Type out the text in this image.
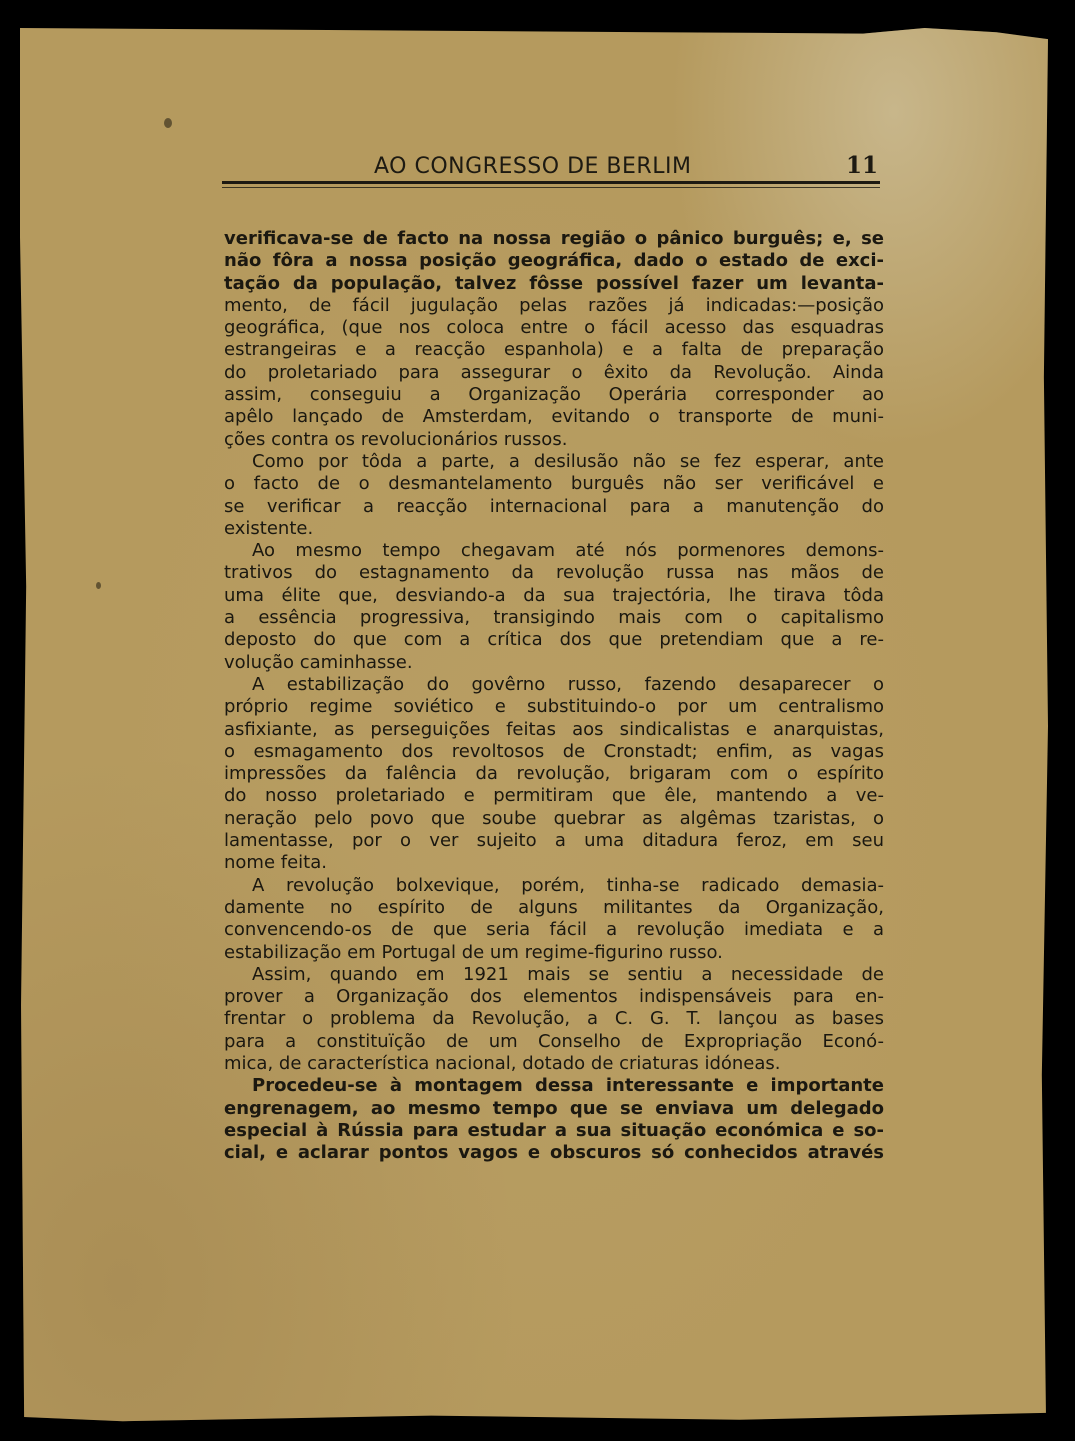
AO CONGRESSO DE BERLIM	11
verificava-se de facto na nossa região o pânico burguês; e, se
não fôra a nossa posição geográfica, dado o estado de exci-
tação da população, talvez fôsse possível fazer um levanta-
mento, de fácil jugulação pelas razões já indicadas:—posição
geográfica, (que nos coloca entre o fácil acesso das esquadras
estrangeiras e a reacção espanhola) e a falta de preparação
do proletariado para assegurar o êxito da Revolução. Ainda
assim, conseguiu a Organização Operária corresponder ao
apêlo lançado de Amsterdam, evitando o transporte de muni-
ções contra os revolucionários russos.
Como por tôda a parte, a desilusão não se fez esperar, ante
o facto de o desmantelamento burguês não ser verificável e
se verificar a reacção internacional para a manutenção do
existente.
Ao mesmo tempo chegavam até nós pormenores demons-
trativos do estagnamento da revolução russa nas mãos de
uma élite que, desviando-a da sua trajectória, lhe tirava tôda
a essência progressiva, transigindo mais com o capitalismo
deposto do que com a crítica dos que pretendiam que a re-
volução caminhasse.
A estabilização do govêrno russo, fazendo desaparecer o
próprio regime soviético e substituindo-o por um centralismo
asfixiante, as perseguições feitas aos sindicalistas e anarquistas,
o esmagamento dos revoltosos de Cronstadt; enfim, as vagas
impressões da falência da revolução, brigaram com o espírito
do nosso proletariado e permitiram que êle, mantendo a ve-
neração pelo povo que soube quebrar as algêmas tzaristas, o
lamentasse, por o ver sujeito a uma ditadura feroz, em seu
nome feita.
A revolução bolxevique, porém, tinha-se radicado demasia-
damente no espírito de alguns militantes da Organização,
convencendo-os de que seria fácil a revolução imediata e a
estabilização em Portugal de um regime-figurino russo.
Assim, quando em 1921 mais se sentiu a necessidade de
prover a Organização dos elementos indispensáveis para en-
frentar o problema da Revolução, a C. G. T. lançou as bases
para a constituïção de um Conselho de Expropriação Econó-
mica, de característica nacional, dotado de criaturas idóneas.
Procedeu-se à montagem dessa interessante e importante
engrenagem, ao mesmo tempo que se enviava um delegado
especial à Rússia para estudar a sua situação económica e so-
cial, e aclarar pontos vagos e obscuros só conhecidos através
